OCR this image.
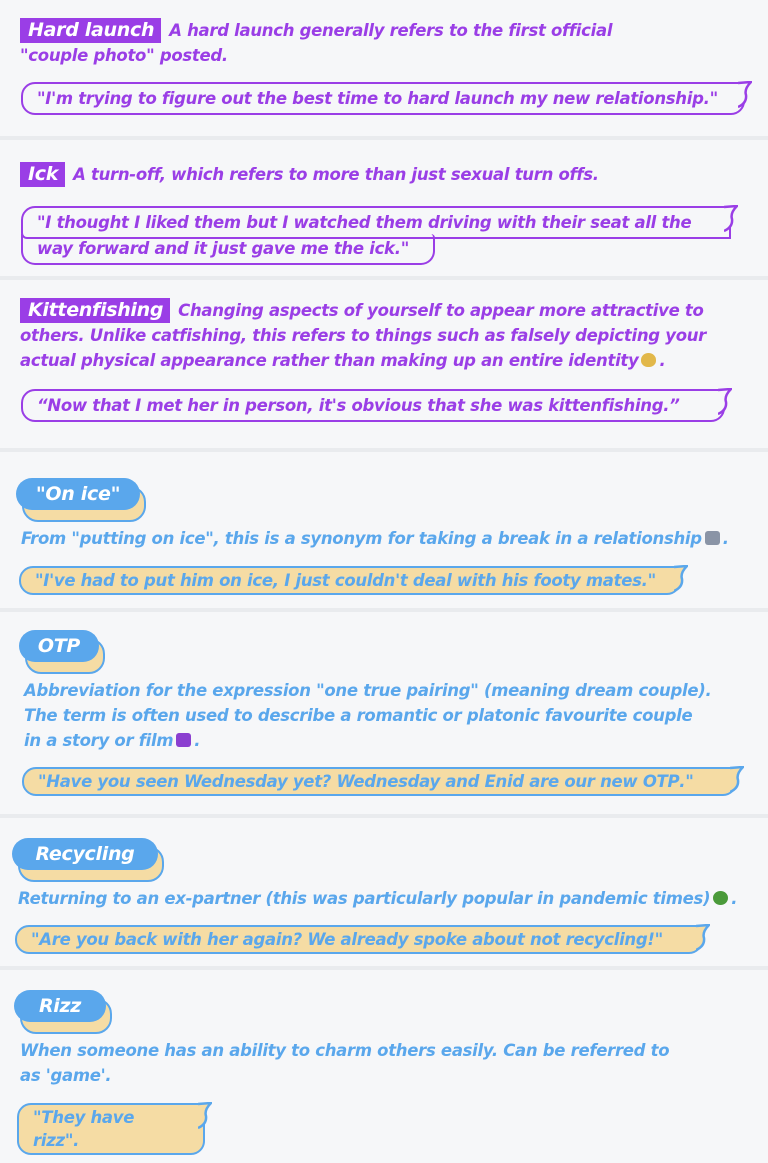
Hard launch A hard launch generally refers to the first official "couple photo" posted.
"I'm trying to figure out the best time to hard launch my new relationship."
Ick A turn-off, which refers to more than just sexual turn offs.
"I thought I liked them but I watched them driving with their seat all the
way forward and it just gave me the ick."
Kittenfishing Changing aspects of yourself to appear more attractive to
others. Unlike catfishing, this refers to things such as falsely depicting your
actual physical appearance rather than making up an entire identity .
“Now that I met her in person, it's obvious that she was kittenfishing.”
"On ice"
From "putting on ice", this is a synonym for taking a break in a relationship .
"I've had to put him on ice, I just couldn't deal with his footy mates."
OTP
Abbreviation for the expression "one true pairing" (meaning dream couple).
The term is often used to describe a romantic or platonic favourite couple
in a story or film .
"Have you seen Wednesday yet? Wednesday and Enid are our new OTP."
Recycling
Returning to an ex-partner (this was particularly popular in pandemic times) .
"Are you back with her again? We already spoke about not recycling!"
Rizz
When someone has an ability to charm others easily. Can be referred to
as 'game'.
"They have rizz".
